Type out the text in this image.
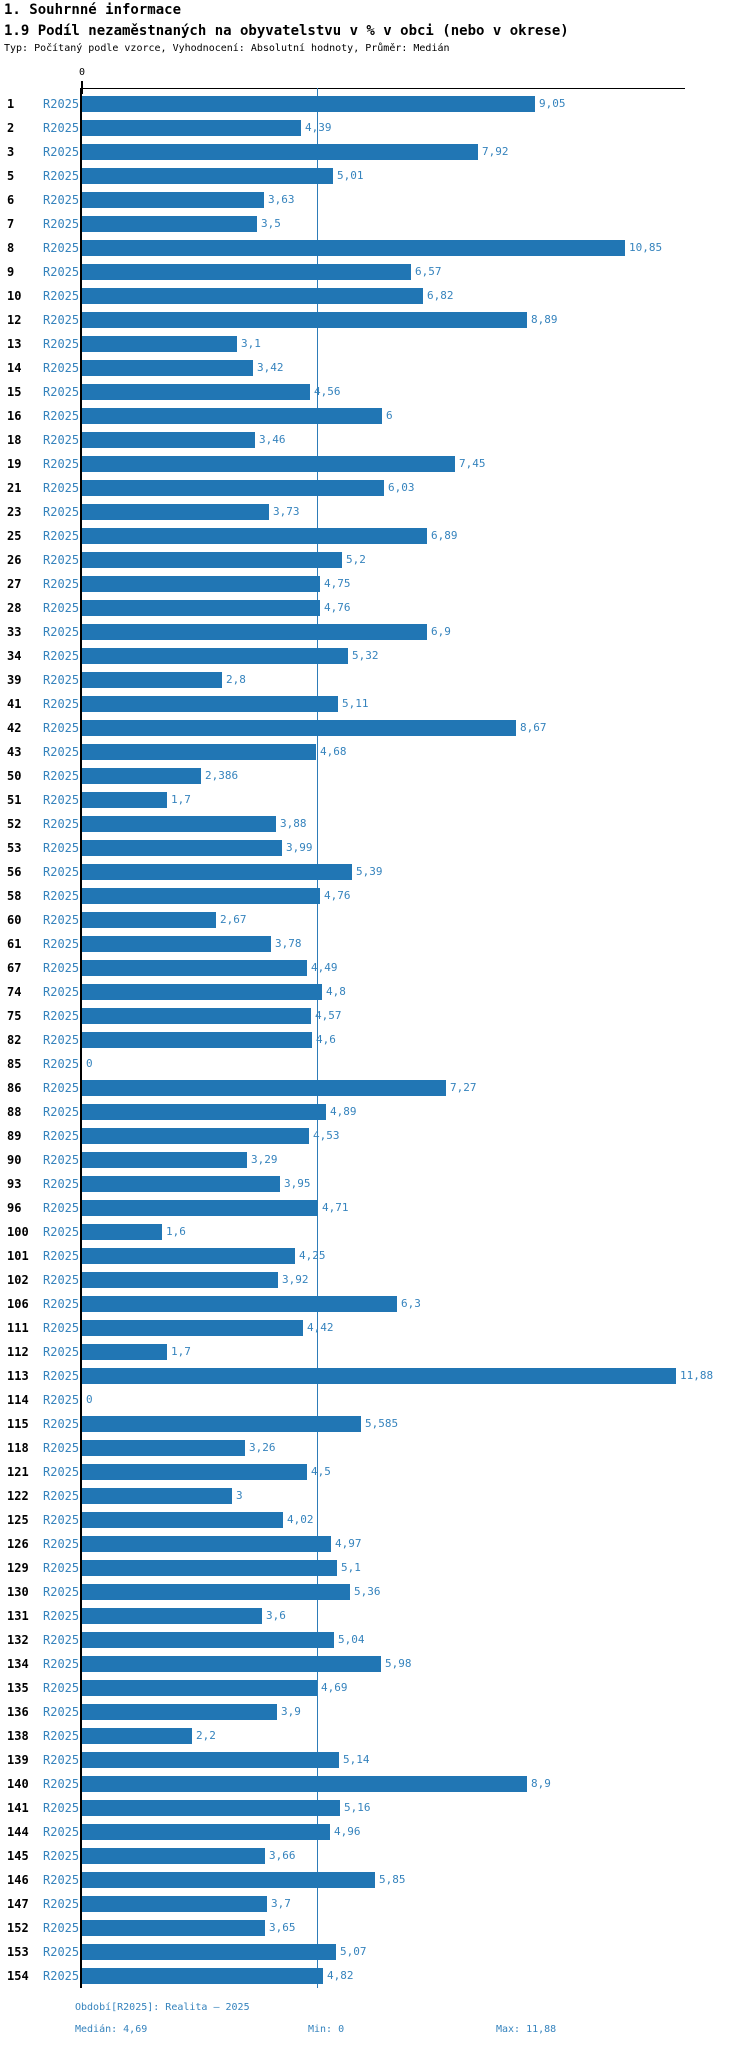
1. Souhrnné informace
1.9 Podíl nezaměstnaných na obyvatelstvu v % v obci (nebo v okrese)
Typ: Počítaný podle vzorce, Vyhodnocení: Absolutní hodnoty, Průměr: Medián
0
1 R2025	9,05
2 R2025	4,39
3 R2025	7,92
5 R2025	5,01
6 R2025	3,63
7 R2025	3,5
8 R2025	10,85
9 R2025	6,57
10 R2025	6,82
12 R2025	8,89
13 R2025	3,1
14 R2025	3,42
15 R2025	4,56
16 R2025	6
18 R2025	3,46
19 R2025	7,45
21 R2025	6,03
23 R2025	3,73
25 R2025	6,89
26 R2025	5,2
27 R2025	4,75
28 R2025	4,76
33 R2025	6,9
34 R2025	5,32
39 R2025	2,8
41 R2025	5,11
42 R2025	8,67
43 R2025	4,68
50 R2025	2,386
51 R2025	1,7
52 R2025	3,88
53 R2025	3,99
56 R2025	5,39
58 R2025	4,76
60 R2025	2,67
61 R2025	3,78
67 R2025	4,49
74 R2025	4,8
75 R2025	4,57
82 R2025	4,6
85 R2025 0
86 R2025	7,27
88 R2025	4,89
89 R2025	4,53
90 R2025	3,29
93 R2025	3,95
96 R2025	4,71
100 R2025	1,6
101 R2025	4,25
102 R2025	3,92
106 R2025	6,3
111 R2025	4,42
112 R2025	1,7
113 R2025	11,88
114 R2025 0
115 R2025	5,585
118 R2025	3,26
121 R2025	4,5
122 R2025	3
125 R2025	4,02
126 R2025	4,97
129 R2025	5,1
130 R2025	5,36
131 R2025	3,6
132 R2025	5,04
134 R2025	5,98
135 R2025	4,69
136 R2025	3,9
138 R2025	2,2
139 R2025	5,14
140 R2025	8,9
141 R2025	5,16
144 R2025	4,96
145 R2025	3,66
146 R2025	5,85
147 R2025	3,7
152 R2025	3,65
153 R2025	5,07
154 R2025	4,82
Období[R2025]: Realita – 2025
Medián: 4,69	Min: 0	Max: 11,88
